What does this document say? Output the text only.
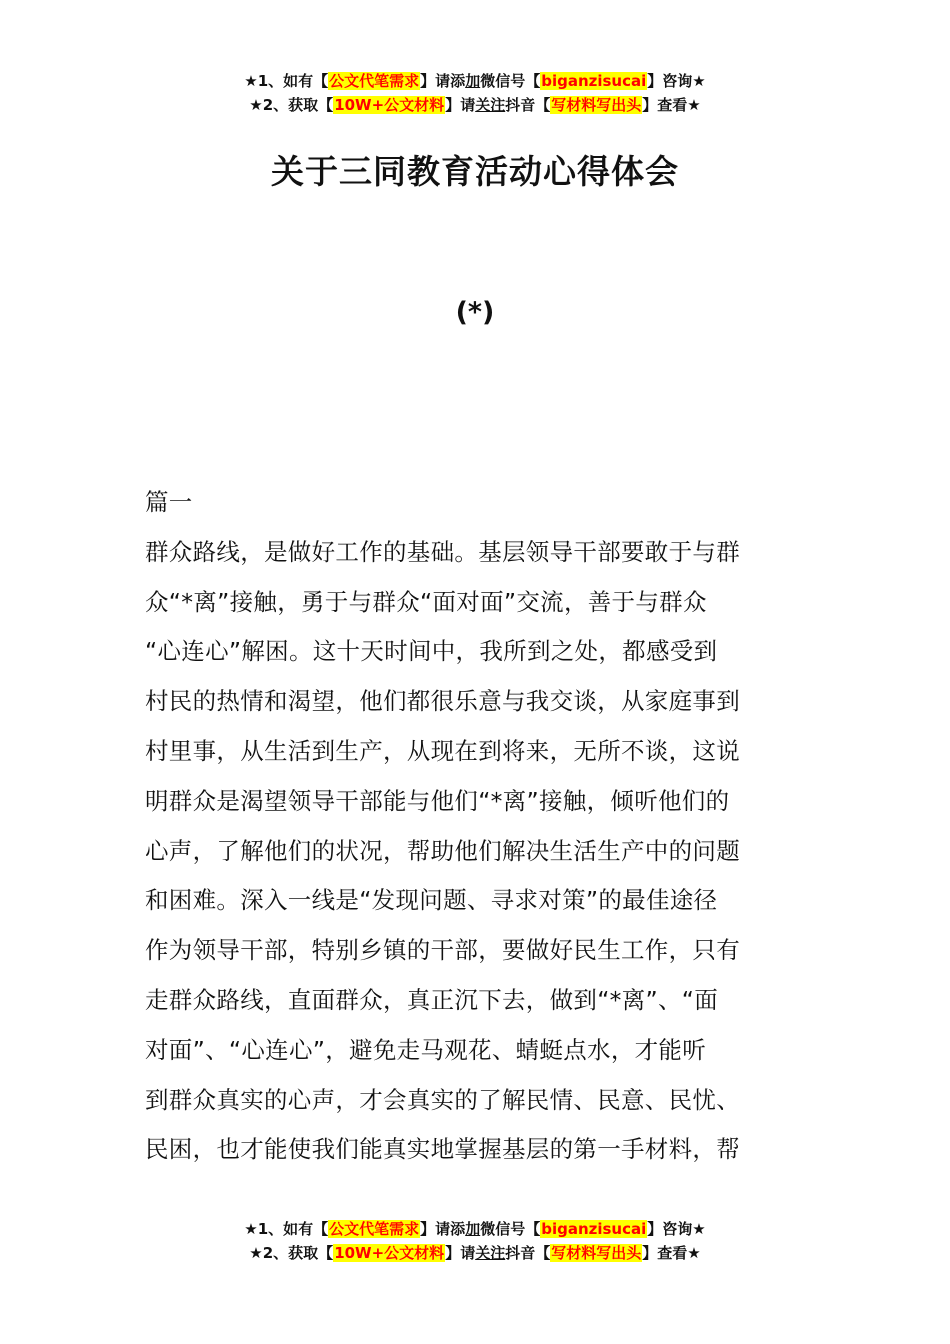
★1、如有【公文代笔需求】请添加微信号【biganzisucai】咨询★
★2、获取【10W+公文材料】请关注抖音【写材料写出头】查看★
关于三同教育活动心得体会
(*)
篇一
群众路线，是做好工作的基础。基层领导干部要敢于与群
众“*离”接触，勇于与群众“面对面”交流，善于与群众
“心连心”解困。这十天时间中，我所到之处，都感受到
村民的热情和渴望，他们都很乐意与我交谈，从家庭事到
村里事，从生活到生产，从现在到将来，无所不谈，这说
明群众是渴望领导干部能与他们“*离”接触，倾听他们的
心声，了解他们的状况，帮助他们解决生活生产中的问题
和困难。深入一线是“发现问题、寻求对策”的最佳途径
作为领导干部，特别乡镇的干部，要做好民生工作，只有
走群众路线，直面群众，真正沉下去，做到“*离”、“面
对面”、“心连心”，避免走马观花、蜻蜓点水，才能听
到群众真实的心声，才会真实的了解民情、民意、民忧、
民困，也才能使我们能真实地掌握基层的第一手材料，帮
★1、如有【公文代笔需求】请添加微信号【biganzisucai】咨询★
★2、获取【10W+公文材料】请关注抖音【写材料写出头】查看★
